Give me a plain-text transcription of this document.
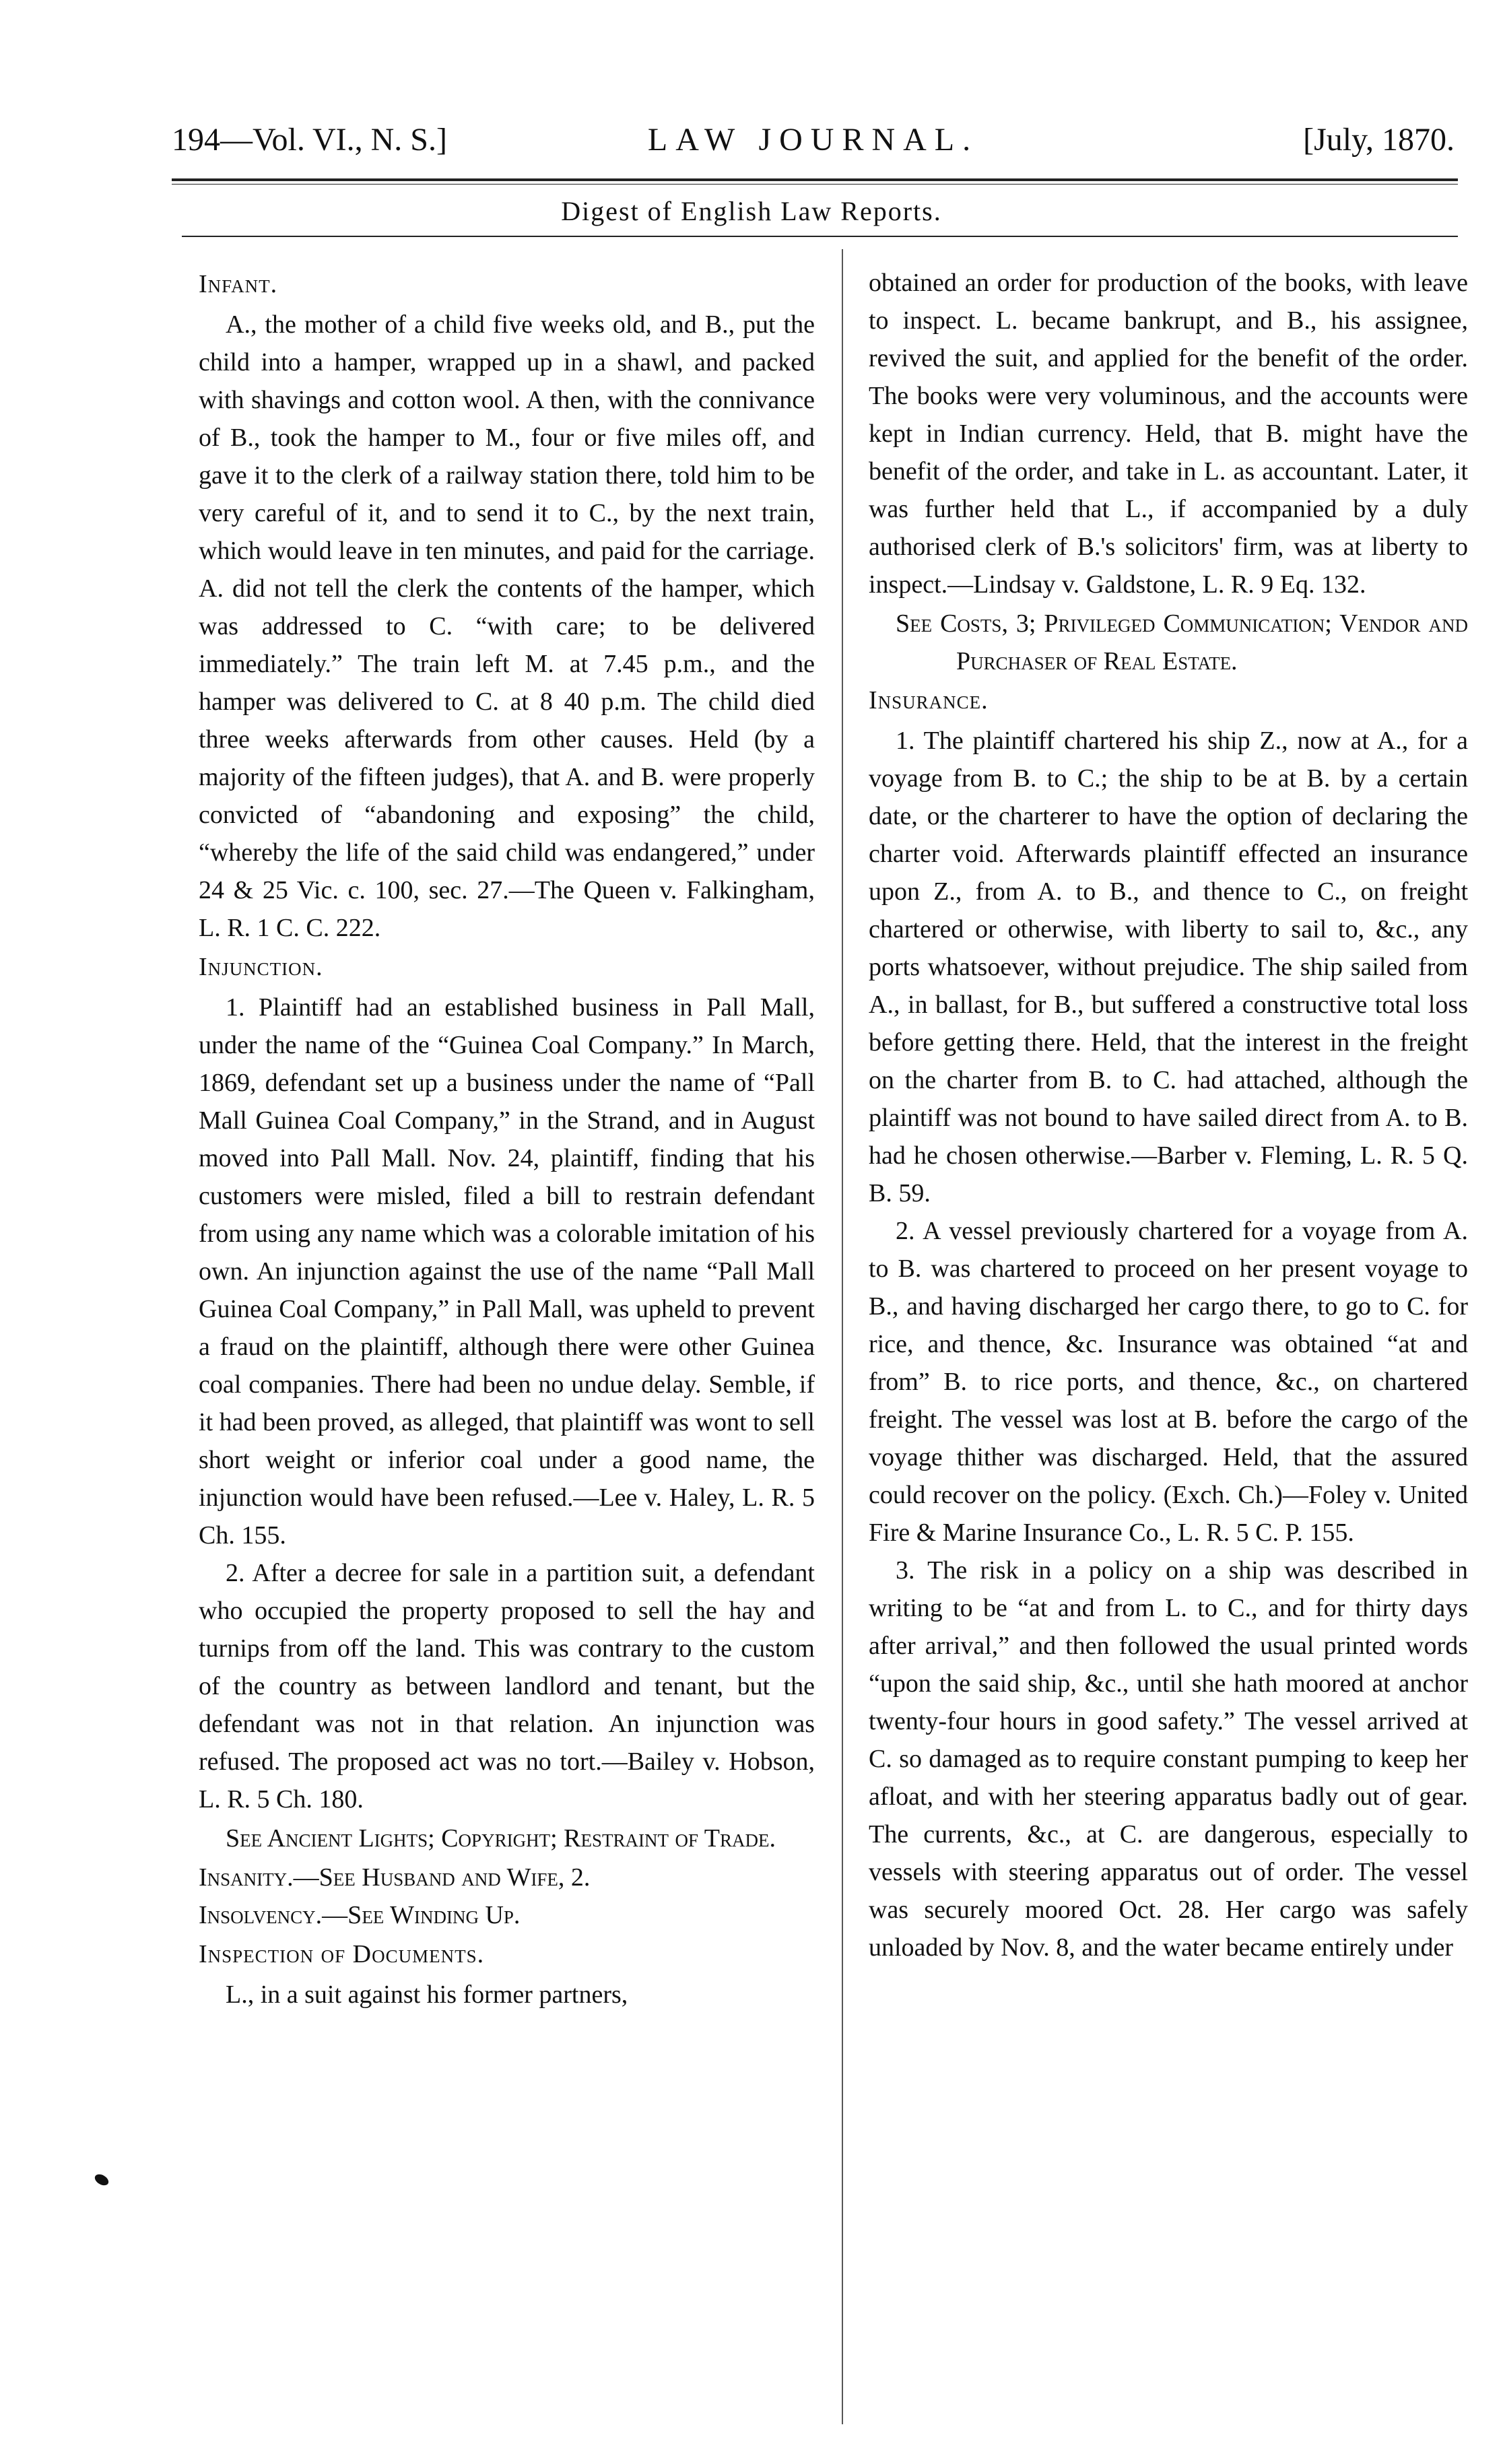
194—Vol. VI., N. S.]	LAW JOURNAL.	[July, 1870.
Digest of English Law Reports.
Infant.

A., the mother of a child five weeks old, and B., put the child into a hamper, wrapped up in a shawl, and packed with shavings and cotton wool. A then, with the connivance of B., took the hamper to M., four or five miles off, and gave it to the clerk of a railway station there, told him to be very careful of it, and to send it to C., by the next train, which would leave in ten minutes, and paid for the carriage. A. did not tell the clerk the contents of the hamper, which was addressed to C. “with care; to be delivered immediately.” The train left M. at 7.45 p.m., and the hamper was delivered to C. at 8 40 p.m. The child died three weeks afterwards from other causes. Held (by a majority of the fifteen judges), that A. and B. were properly convicted of “abandoning and exposing” the child, “whereby the life of the said child was endangered,” under 24 & 25 Vic. c. 100, sec. 27.—The Queen v. Falkingham, L. R. 1 C. C. 222.

Injunction.

1. Plaintiff had an established business in Pall Mall, under the name of the “Guinea Coal Company.” In March, 1869, defendant set up a business under the name of “Pall Mall Guinea Coal Company,” in the Strand, and in August moved into Pall Mall. Nov. 24, plaintiff, finding that his customers were misled, filed a bill to restrain defendant from using any name which was a colorable imitation of his own. An injunction against the use of the name “Pall Mall Guinea Coal Company,” in Pall Mall, was upheld to prevent a fraud on the plaintiff, although there were other Guinea coal companies. There had been no undue delay. Semble, if it had been proved, as alleged, that plaintiff was wont to sell short weight or inferior coal under a good name, the injunction would have been refused.—Lee v. Haley, L. R. 5 Ch. 155.

2. After a decree for sale in a partition suit, a defendant who occupied the property proposed to sell the hay and turnips from off the land. This was contrary to the custom of the country as between landlord and tenant, but the defendant was not in that relation. An injunction was refused. The proposed act was no tort.—Bailey v. Hobson, L. R. 5 Ch. 180.

See Ancient Lights; Copyright; Restraint of Trade.

Insanity.—See Husband and Wife, 2.

Insolvency.—See Winding Up.

Inspection of Documents.

L., in a suit against his former partners,

obtained an order for production of the books, with leave to inspect. L. became bankrupt, and B., his assignee, revived the suit, and applied for the benefit of the order. The books were very voluminous, and the accounts were kept in Indian currency. Held, that B. might have the benefit of the order, and take in L. as accountant. Later, it was further held that L., if accompanied by a duly authorised clerk of B.'s solicitors' firm, was at liberty to inspect.—Lindsay v. Galdstone, L. R. 9 Eq. 132.

See Costs, 3; Privileged Communication; Vendor and Purchaser of Real Estate.

Insurance.

1. The plaintiff chartered his ship Z., now at A., for a voyage from B. to C.; the ship to be at B. by a certain date, or the charterer to have the option of declaring the charter void. Afterwards plaintiff effected an insurance upon Z., from A. to B., and thence to C., on freight chartered or otherwise, with liberty to sail to, &c., any ports whatsoever, without prejudice. The ship sailed from A., in ballast, for B., but suffered a constructive total loss before getting there. Held, that the interest in the freight on the charter from B. to C. had attached, although the plaintiff was not bound to have sailed direct from A. to B. had he chosen otherwise.—Barber v. Fleming, L. R. 5 Q. B. 59.

2. A vessel previously chartered for a voyage from A. to B. was chartered to proceed on her present voyage to B., and having discharged her cargo there, to go to C. for rice, and thence, &c. Insurance was obtained “at and from” B. to rice ports, and thence, &c., on chartered freight. The vessel was lost at B. before the cargo of the voyage thither was discharged. Held, that the assured could recover on the policy. (Exch. Ch.)—Foley v. United Fire & Marine Insurance Co., L. R. 5 C. P. 155.

3. The risk in a policy on a ship was described in writing to be “at and from L. to C., and for thirty days after arrival,” and then followed the usual printed words “upon the said ship, &c., until she hath moored at anchor twenty-four hours in good safety.” The vessel arrived at C. so damaged as to require constant pumping to keep her afloat, and with her steering apparatus badly out of gear. The currents, &c., at C. are dangerous, especially to vessels with steering apparatus out of order. The vessel was securely moored Oct. 28. Her cargo was safely unloaded by Nov. 8, and the water became entirely under
